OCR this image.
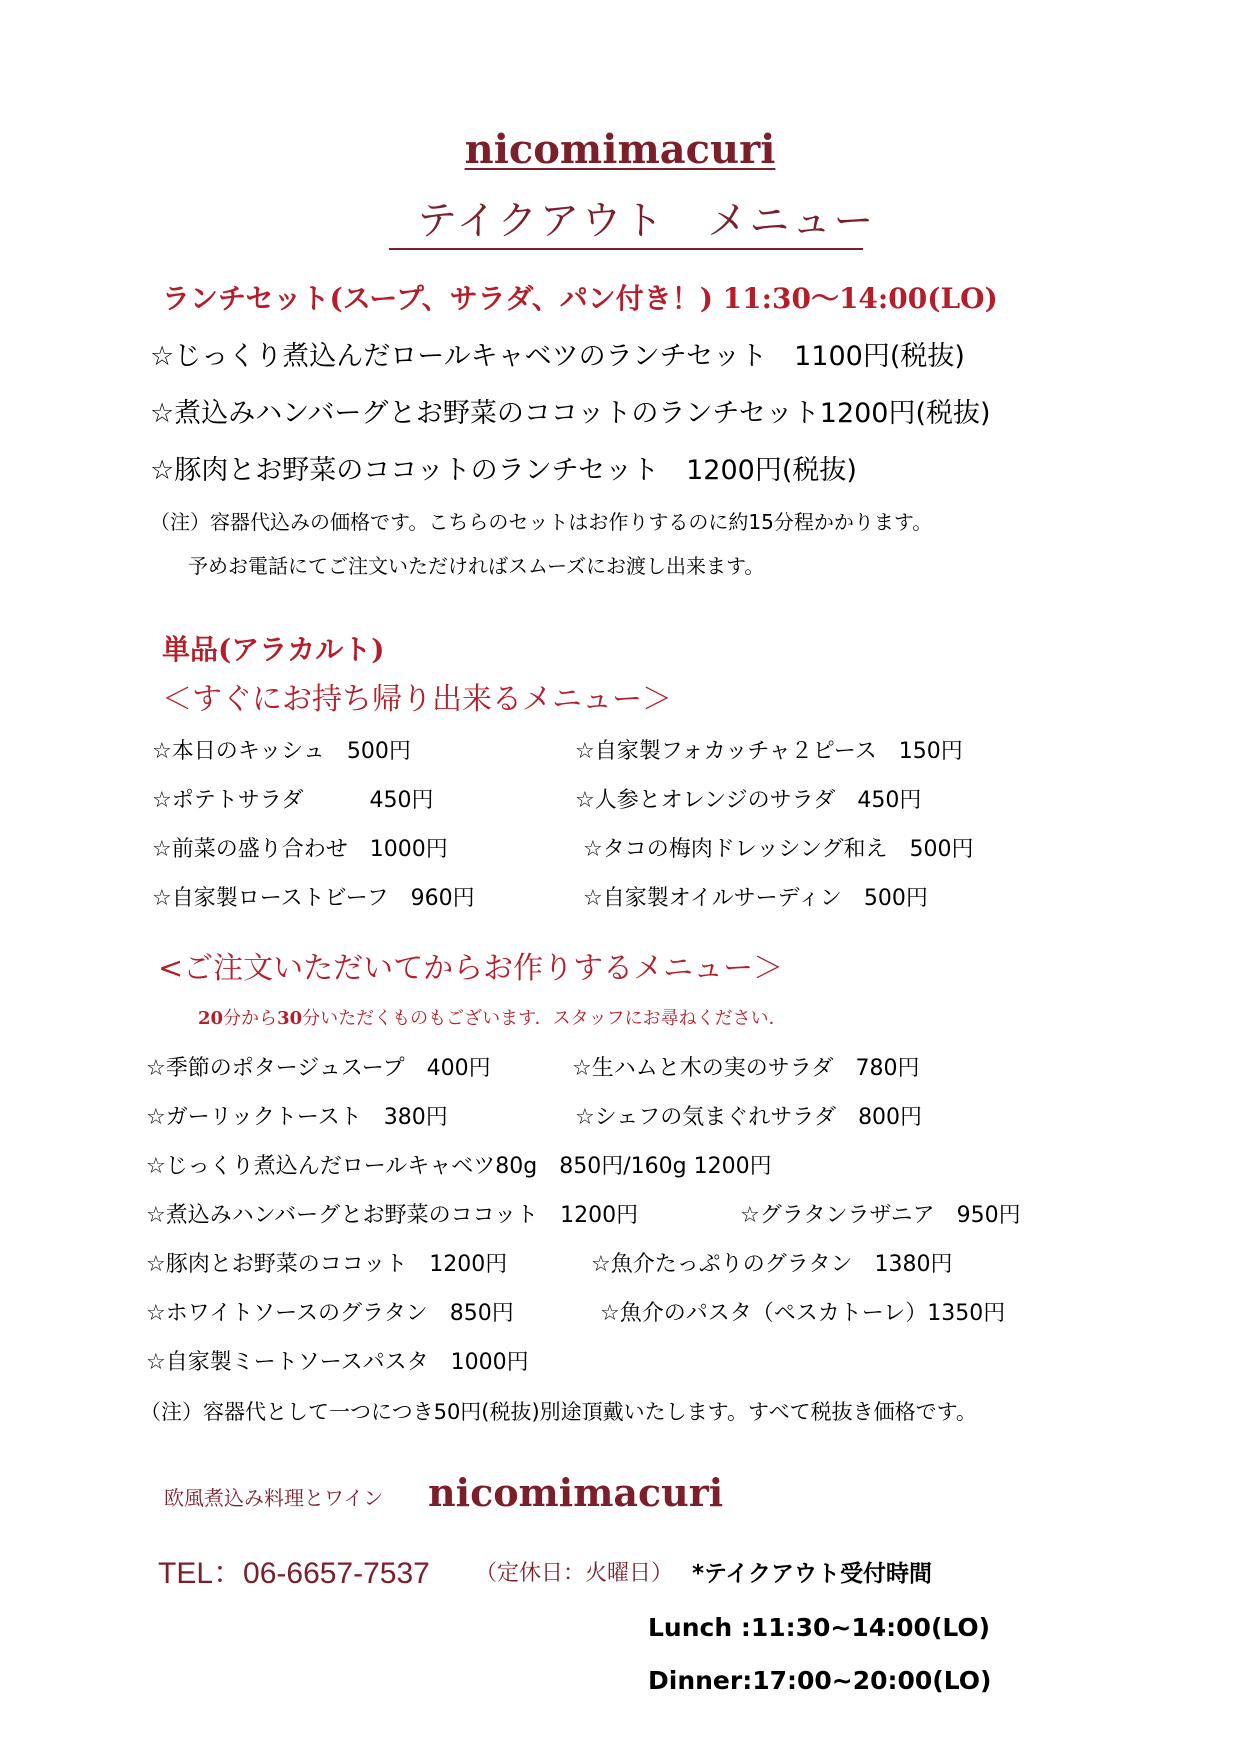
nicomimacuri
テイクアウト　メニュー
ランチセット(スープ、サラダ、パン付き！) 11:30〜14:00(LO)
☆じっくり煮込んだロールキャベツのランチセット　1100円(税抜)
☆煮込みハンバーグとお野菜のココットのランチセット1200円(税抜)
☆豚肉とお野菜のココットのランチセット　1200円(税抜)
（注）容器代込みの価格です。こちらのセットはお作りするのに約15分程かかります。
予めお電話にてご注文いただければスムーズにお渡し出来ます。
単品(アラカルト)
＜すぐにお持ち帰り出来るメニュー＞
☆本日のキッシュ　500円	☆自家製フォカッチャ２ピース　150円
☆ポテトサラダ　　　450円	☆人参とオレンジのサラダ　450円
☆前菜の盛り合わせ　1000円	☆タコの梅肉ドレッシング和え　500円
☆自家製ローストビーフ　960円	☆自家製オイルサーディン　500円
<ご注文いただいてからお作りするメニュー＞
20分から30分いただくものもございます．スタッフにお尋ねください．
☆季節のポタージュスープ　400円	☆生ハムと木の実のサラダ　780円
☆ガーリックトースト　380円	☆シェフの気まぐれサラダ　800円
☆じっくり煮込んだロールキャベツ80g　850円/160g 1200円
☆煮込みハンバーグとお野菜のココット　1200円	☆グラタンラザニア　950円
☆豚肉とお野菜のココット　1200円	☆魚介たっぷりのグラタン　1380円
☆ホワイトソースのグラタン　850円	☆魚介のパスタ（ペスカトーレ）1350円
☆自家製ミートソースパスタ　1000円
（注）容器代として一つにつき50円(税抜)別途頂戴いたします。すべて税抜き価格です。
欧風煮込み料理とワイン nicomimacuri
TEL：06-6657-7537 （定休日：火曜日） *テイクアウト受付時間
Lunch :11:30~14:00(LO)
Dinner:17:00~20:00(LO)
